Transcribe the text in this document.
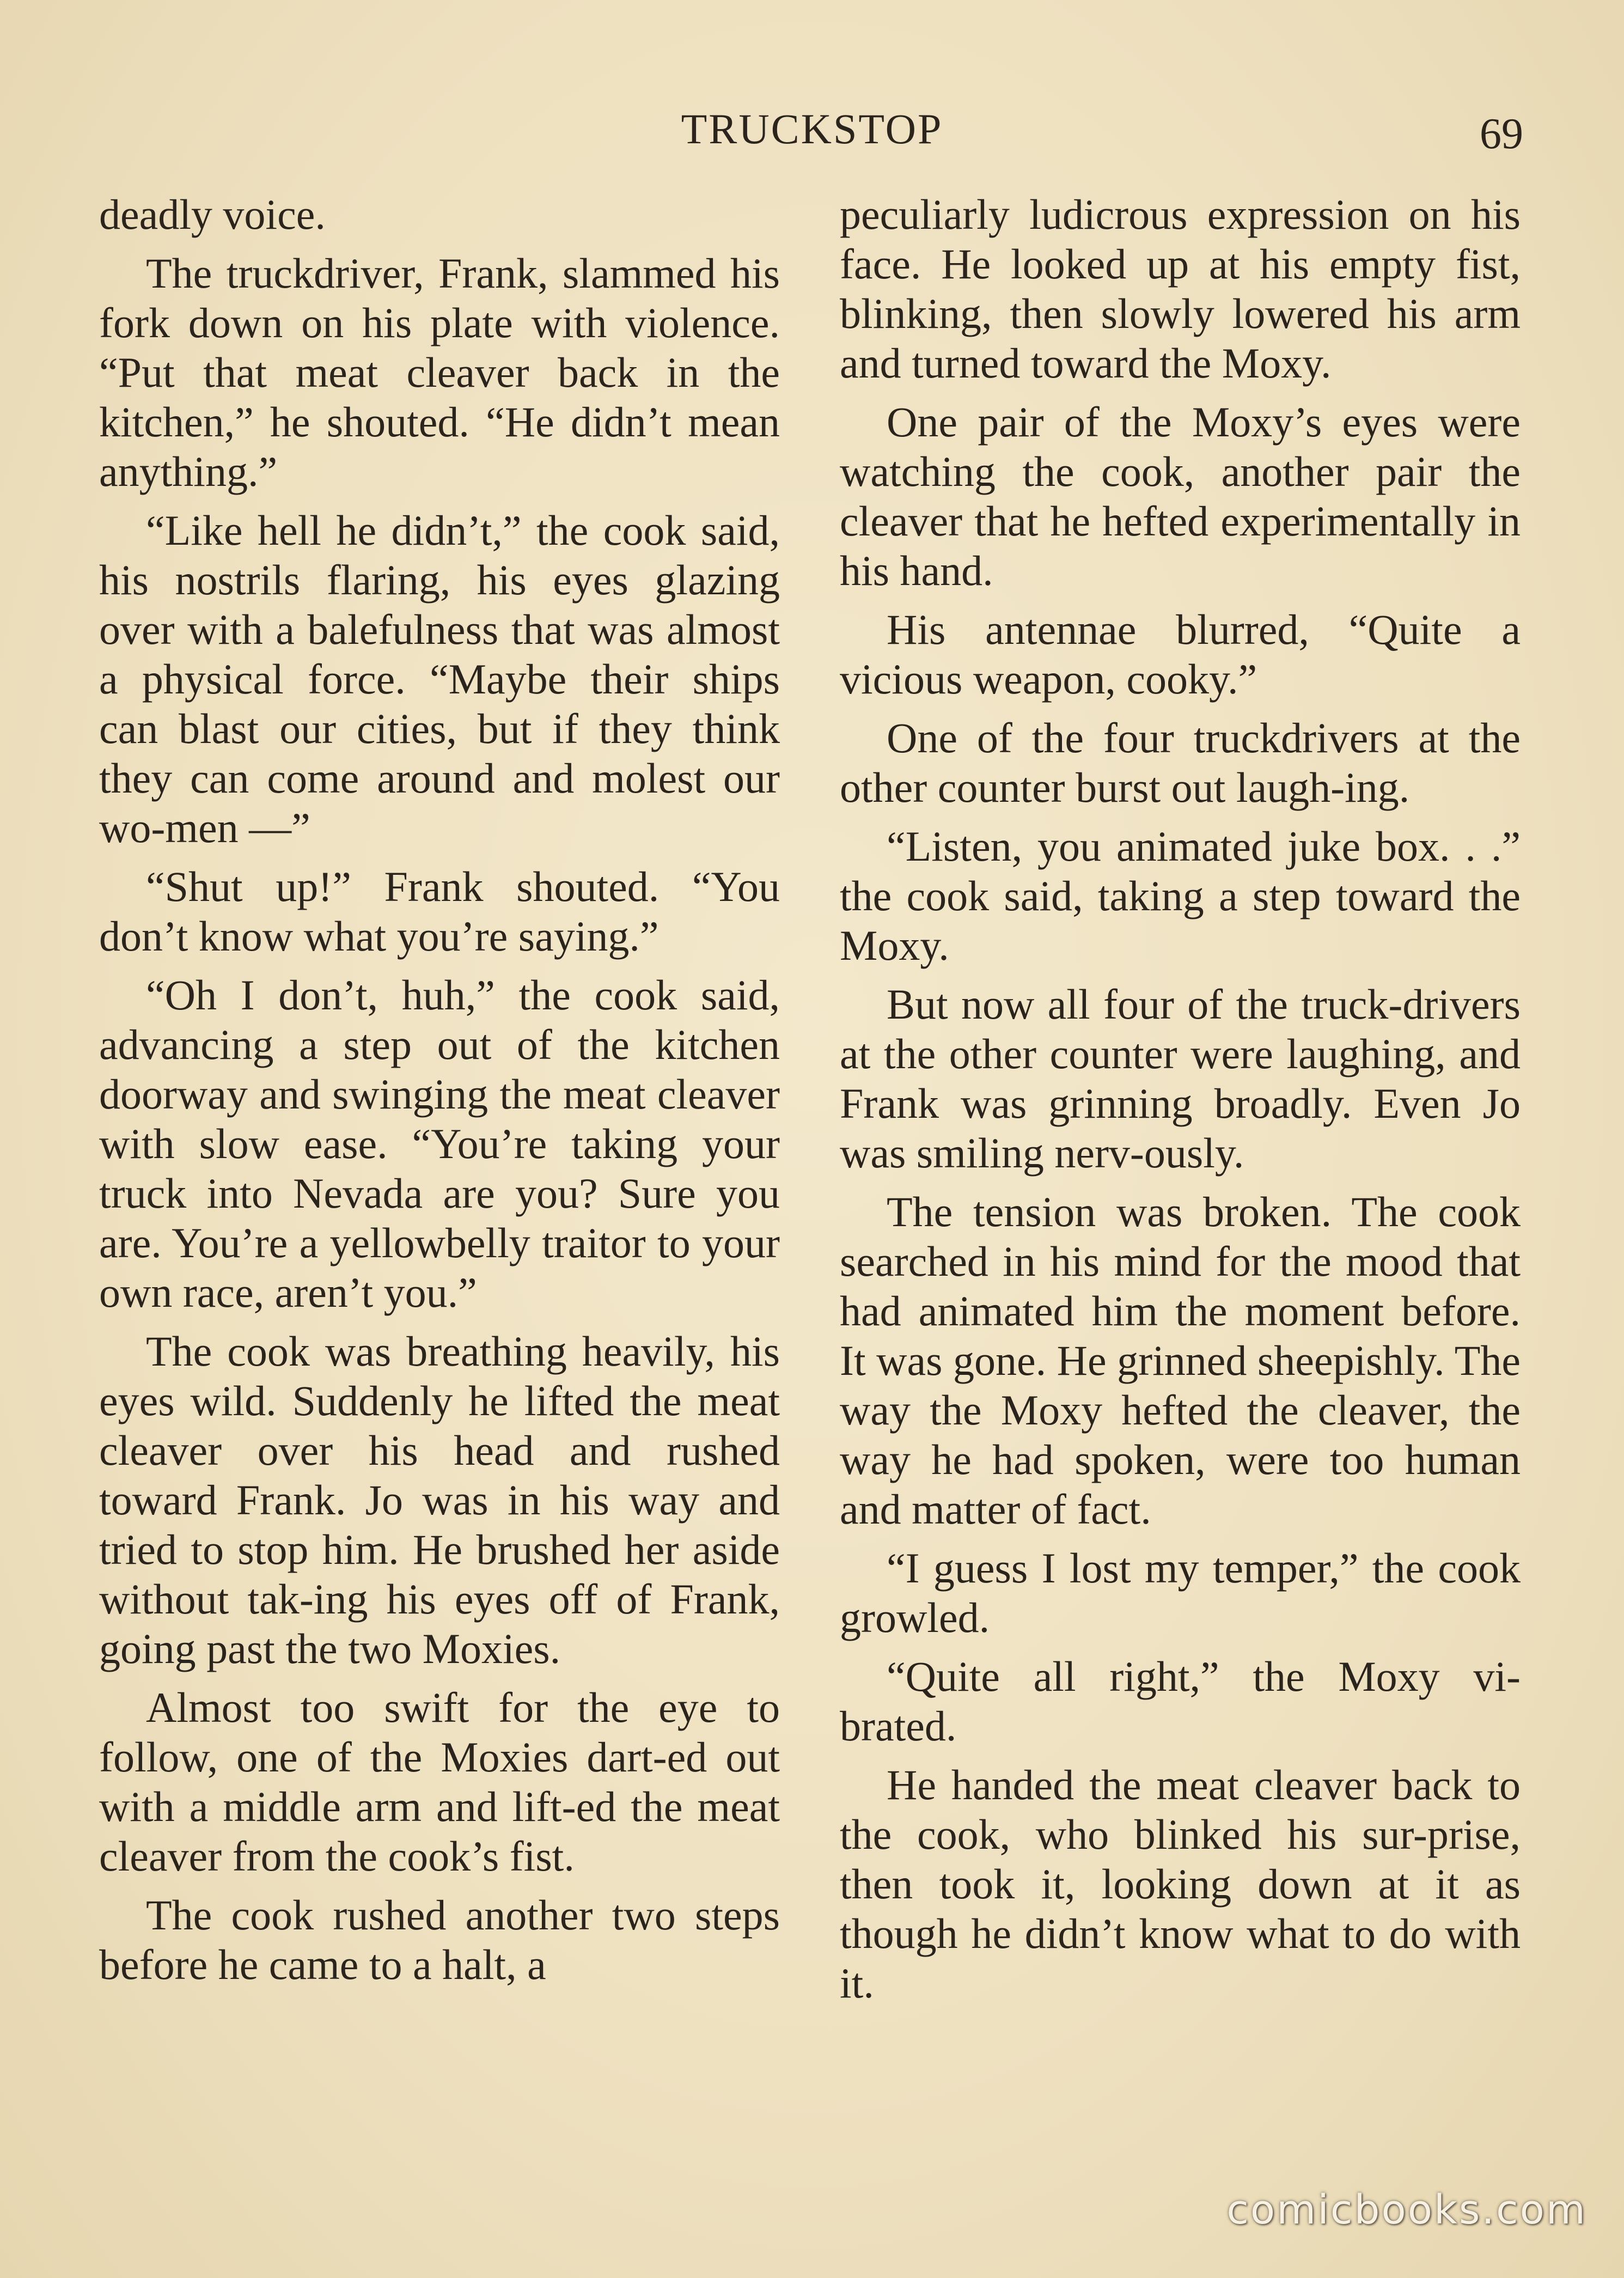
TRUCKSTOP	69

deadly voice.

The truckdriver, Frank, slammed his fork down on his plate with violence. “Put that meat cleaver back in the kitchen,” he shouted. “He didn’t mean anything.”

“Like hell he didn’t,” the cook said, his nostrils flaring, his eyes glazing over with a balefulness that was almost a physical force. “Maybe their ships can blast our cities, but if they think they can come around and molest our wo-men —”

“Shut up!” Frank shouted. “You don’t know what you’re saying.”

“Oh I don’t, huh,” the cook said, advancing a step out of the kitchen doorway and swinging the meat cleaver with slow ease. “You’re taking your truck into Nevada are you? Sure you are. You’re a yellowbelly traitor to your own race, aren’t you.”

The cook was breathing heavily, his eyes wild. Suddenly he lifted the meat cleaver over his head and rushed toward Frank. Jo was in his way and tried to stop him. He brushed her aside without tak-ing his eyes off of Frank, going past the two Moxies.

Almost too swift for the eye to follow, one of the Moxies dart-ed out with a middle arm and lift-ed the meat cleaver from the cook’s fist.

The cook rushed another two steps before he came to a halt, a

peculiarly ludicrous expression on his face. He looked up at his empty fist, blinking, then slowly lowered his arm and turned toward the Moxy.

One pair of the Moxy’s eyes were watching the cook, another pair the cleaver that he hefted experimentally in his hand.

His antennae blurred, “Quite a vicious weapon, cooky.”

One of the four truckdrivers at the other counter burst out laugh-ing.

“Listen, you animated juke box. . .” the cook said, taking a step toward the Moxy.

But now all four of the truck-drivers at the other counter were laughing, and Frank was grinning broadly. Even Jo was smiling nerv-ously.

The tension was broken. The cook searched in his mind for the mood that had animated him the moment before. It was gone. He grinned sheepishly. The way the Moxy hefted the cleaver, the way he had spoken, were too human and matter of fact.

“I guess I lost my temper,” the cook growled.

“Quite all right,” the Moxy vi-brated.

He handed the meat cleaver back to the cook, who blinked his sur-prise, then took it, looking down at it as though he didn’t know what to do with it.

comicbooks.com
